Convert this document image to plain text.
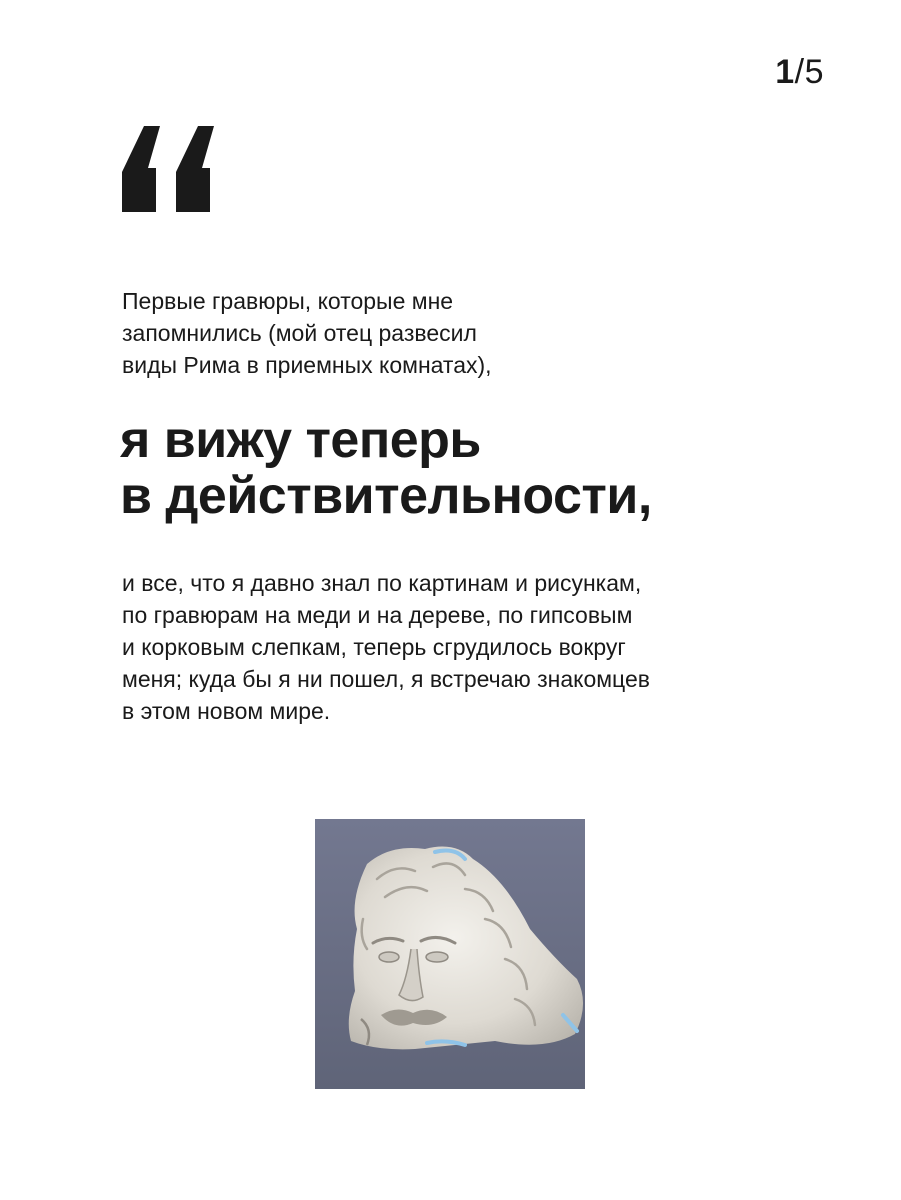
1/5

Первые гравюры, которые мне
запомнились (мой отец развесил
виды Рима в приемных комнатах),

я вижу теперь
в действительности,

и все, что я давно знал по картинам и рисункам,
по гравюрам на меди и на дереве, по гипсовым
и корковым слепкам, теперь сгрудилось вокруг
меня; куда бы я ни пошел, я встречаю знакомцев
в этом новом мире.
